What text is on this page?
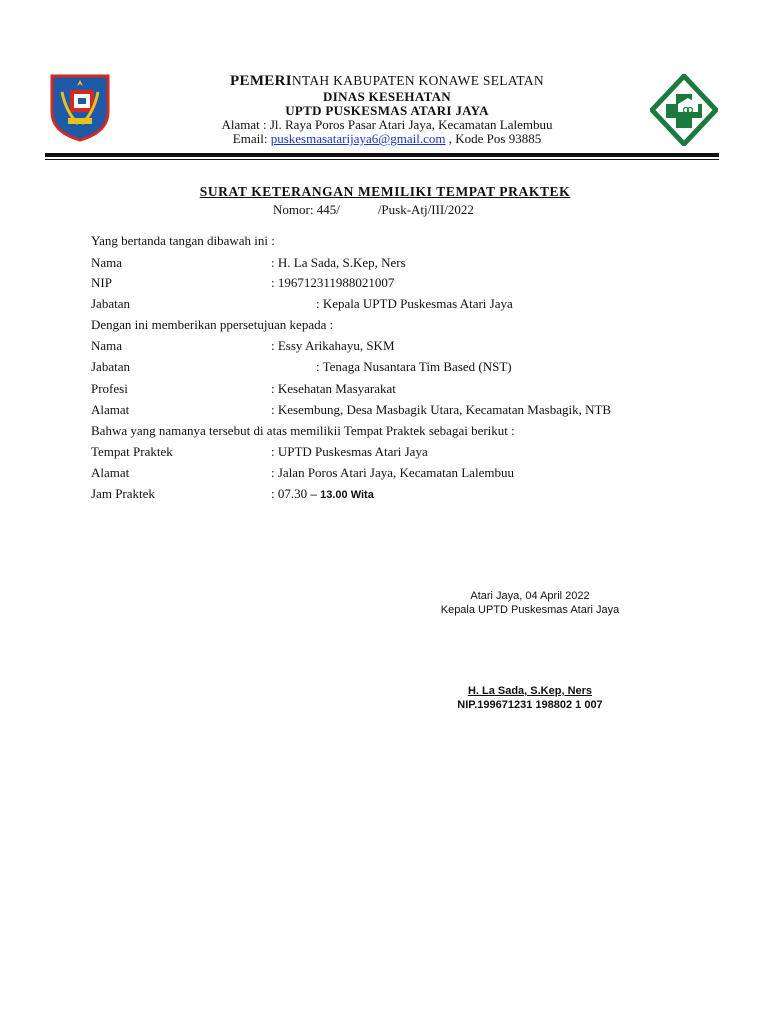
PEMERINTAH KABUPATEN KONAWE SELATAN
DINAS KESEHATAN
UPTD PUSKESMAS ATARI JAYA
Alamat : Jl. Raya Poros Pasar Atari Jaya, Kecamatan Lalembuu
Email: puskesmasatarijaya6@gmail.com , Kode Pos 93885
SURAT KETERANGAN MEMILIKI TEMPAT PRAKTEK
Nomor: 445/	/Pusk-Atj/III/2022
Yang bertanda tangan dibawah ini :
Nama	: H. La Sada, S.Kep, Ners
NIP	: 196712311988021007
Jabatan	: Kepala UPTD Puskesmas Atari Jaya
Dengan ini memberikan ppersetujuan kepada :
Nama	: Essy Arikahayu, SKM
Jabatan	: Tenaga Nusantara Tim Based (NST)
Profesi	: Kesehatan Masyarakat
Alamat	: Kesembung, Desa Masbagik Utara, Kecamatan Masbagik, NTB
Bahwa yang namanya tersebut di atas memilikii Tempat Praktek sebagai berikut :
Tempat Praktek	: UPTD Puskesmas Atari Jaya
Alamat	: Jalan Poros Atari Jaya, Kecamatan Lalembuu
Jam Praktek	: 07.30 – 13.00 Wita
Atari Jaya, 04 April 2022
Kepala UPTD Puskesmas Atari Jaya
H. La Sada, S.Kep, Ners
NIP.199671231 198802 1 007
